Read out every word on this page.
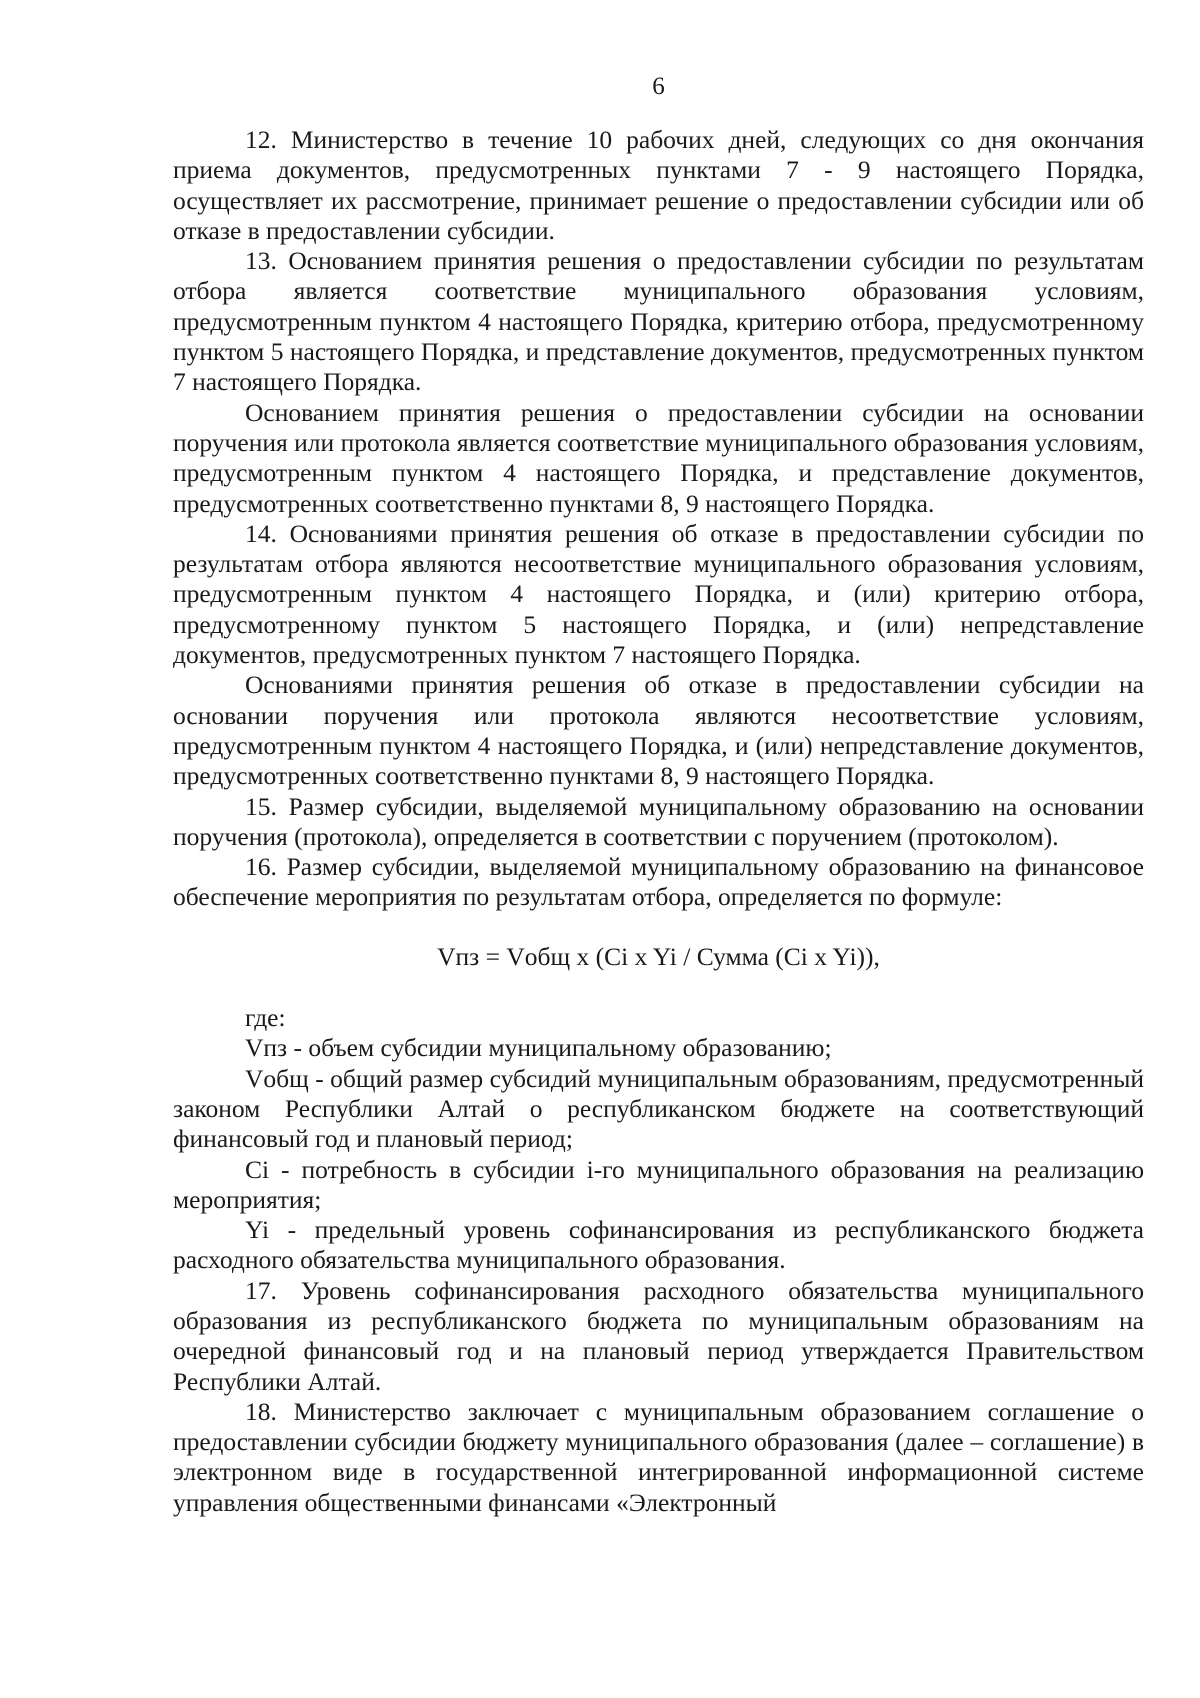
6

12. Министерство в течение 10 рабочих дней, следующих со дня окончания приема документов, предусмотренных пунктами 7 - 9 настоящего Порядка, осуществляет их рассмотрение, принимает решение о предоставлении субсидии или об отказе в предоставлении субсидии.

13. Основанием принятия решения о предоставлении субсидии по результатам отбора является соответствие муниципального образования условиям, предусмотренным пунктом 4 настоящего Порядка, критерию отбора, предусмотренному пунктом 5 настоящего Порядка, и представление документов, предусмотренных пунктом 7 настоящего Порядка.

Основанием принятия решения о предоставлении субсидии на основании поручения или протокола является соответствие муниципального образования условиям, предусмотренным пунктом 4 настоящего Порядка, и представление документов, предусмотренных соответственно пунктами 8, 9 настоящего Порядка.

14. Основаниями принятия решения об отказе в предоставлении субсидии по результатам отбора являются несоответствие муниципального образования условиям, предусмотренным пунктом 4 настоящего Порядка, и (или) критерию отбора, предусмотренному пунктом 5 настоящего Порядка, и (или) непредставление документов, предусмотренных пунктом 7 настоящего Порядка.

Основаниями принятия решения об отказе в предоставлении субсидии на основании поручения или протокола являются несоответствие условиям, предусмотренным пунктом 4 настоящего Порядка, и (или) непредставление документов, предусмотренных соответственно пунктами 8, 9 настоящего Порядка.

15. Размер субсидии, выделяемой муниципальному образованию на основании поручения (протокола), определяется в соответствии с поручением (протоколом).

16. Размер субсидии, выделяемой муниципальному образованию на финансовое обеспечение мероприятия по результатам отбора, определяется по формуле:

Vпз = Vобщ x (Ci x Yi / Сумма (Ci x Yi)),

где:

Vпз - объем субсидии муниципальному образованию;

Vобщ - общий размер субсидий муниципальным образованиям, предусмотренный законом Республики Алтай о республиканском бюджете на соответствующий финансовый год и плановый период;

Ci - потребность в субсидии i-го муниципального образования на реализацию мероприятия;

Yi - предельный уровень софинансирования из республиканского бюджета расходного обязательства муниципального образования.

17. Уровень софинансирования расходного обязательства муниципального образования из республиканского бюджета по муниципальным образованиям на очередной финансовый год и на плановый период утверждается Правительством Республики Алтай.

18. Министерство заключает с муниципальным образованием соглашение о предоставлении субсидии бюджету муниципального образования (далее – соглашение) в электронном виде в государственной интегрированной информационной системе управления общественными финансами «Электронный
